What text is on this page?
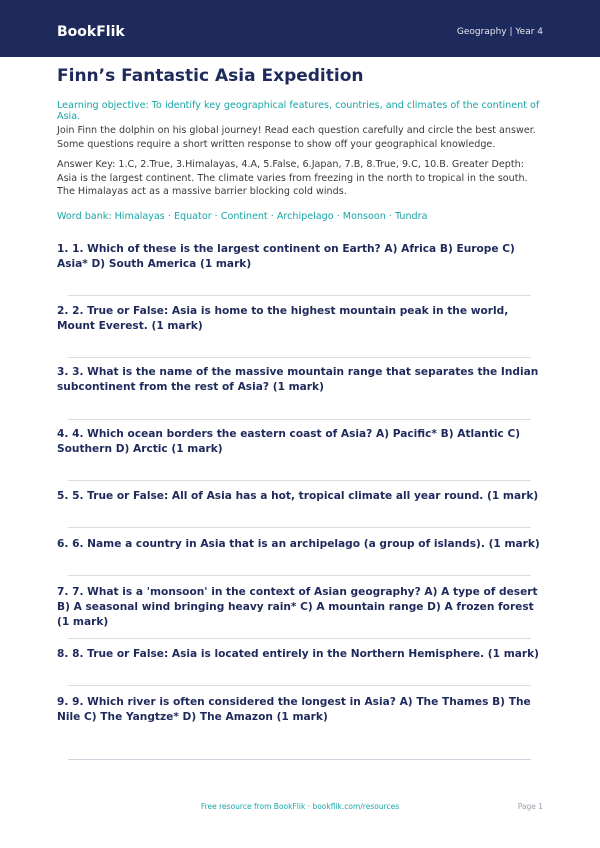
BookFlik	Geography | Year 4
Finn’s Fantastic Asia Expedition
Learning objective: To identify key geographical features, countries, and climates of the continent of Asia.
Join Finn the dolphin on his global journey! Read each question carefully and circle the best answer. Some questions require a short written response to show off your geographical knowledge.
Answer Key: 1.C, 2.True, 3.Himalayas, 4.A, 5.False, 6.Japan, 7.B, 8.True, 9.C, 10.B. Greater Depth: Asia is the largest continent. The climate varies from freezing in the north to tropical in the south. The Himalayas act as a massive barrier blocking cold winds.
Word bank: Himalayas · Equator · Continent · Archipelago · Monsoon · Tundra
1. 1. Which of these is the largest continent on Earth? A) Africa B) Europe C) Asia* D) South America (1 mark)
2. 2. True or False: Asia is home to the highest mountain peak in the world, Mount Everest. (1 mark)
3. 3. What is the name of the massive mountain range that separates the Indian subcontinent from the rest of Asia? (1 mark)
4. 4. Which ocean borders the eastern coast of Asia? A) Pacific* B) Atlantic C) Southern D) Arctic (1 mark)
5. 5. True or False: All of Asia has a hot, tropical climate all year round. (1 mark)
6. 6. Name a country in Asia that is an archipelago (a group of islands). (1 mark)
7. 7. What is a 'monsoon' in the context of Asian geography? A) A type of desert B) A seasonal wind bringing heavy rain* C) A mountain range D) A frozen forest (1 mark)
8. 8. True or False: Asia is located entirely in the Northern Hemisphere. (1 mark)
9. 9. Which river is often considered the longest in Asia? A) The Thames B) The Nile C) The Yangtze* D) The Amazon (1 mark)
Free resource from BookFlik · bookflik.com/resources	Page 1
